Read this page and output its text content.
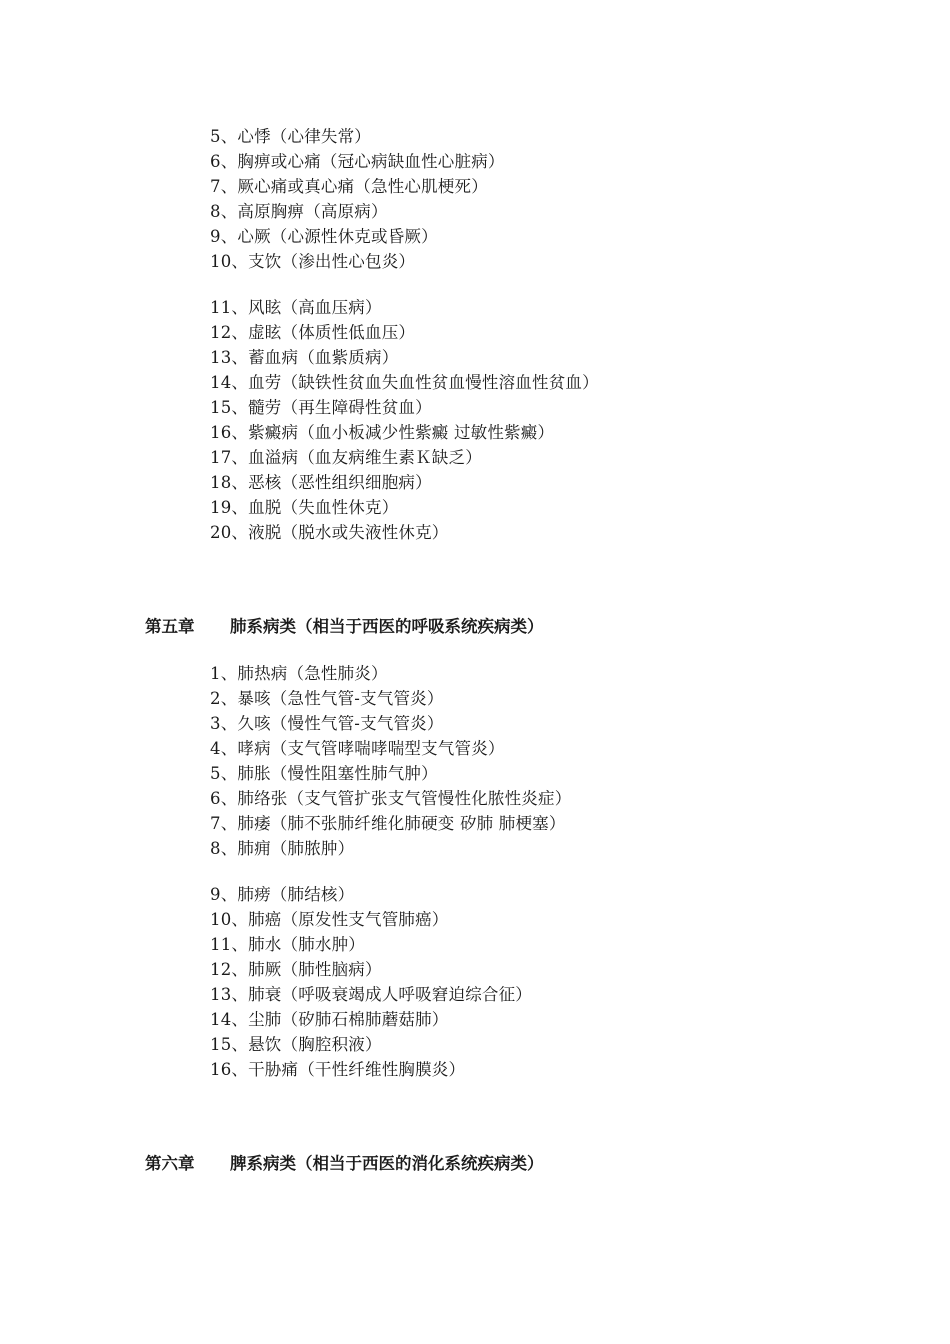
5、心悸（心律失常）
6、胸痹或心痛（冠心病缺血性心脏病）
7、厥心痛或真心痛（急性心肌梗死）
8、高原胸痹（高原病）
9、心厥（心源性休克或昏厥）
10、支饮（渗出性心包炎）
11、风眩（高血压病）
12、虚眩（体质性低血压）
13、蓄血病（血紫质病）
14、血劳（缺铁性贫血失血性贫血慢性溶血性贫血）
15、髓劳（再生障碍性贫血）
16、紫癜病（血小板减少性紫癜 过敏性紫癜）
17、血溢病（血友病维生素Ｋ缺乏）
18、恶核（恶性组织细胞病）
19、血脱（失血性休克）
20、液脱（脱水或失液性休克）
第五章 肺系病类（相当于西医的呼吸系统疾病类）
1、肺热病（急性肺炎）
2、暴咳（急性气管-支气管炎）
3、久咳（慢性气管-支气管炎）
4、哮病（支气管哮喘哮喘型支气管炎）
5、肺胀（慢性阻塞性肺气肿）
6、肺络张（支气管扩张支气管慢性化脓性炎症）
7、肺痿（肺不张肺纤维化肺硬变 矽肺 肺梗塞）
8、肺痈（肺脓肿）
9、肺痨（肺结核）
10、肺癌（原发性支气管肺癌）
11、肺水（肺水肿）
12、肺厥（肺性脑病）
13、肺衰（呼吸衰竭成人呼吸窘迫综合征）
14、尘肺（矽肺石棉肺蘑菇肺）
15、悬饮（胸腔积液）
16、干胁痛（干性纤维性胸膜炎）
第六章 脾系病类（相当于西医的消化系统疾病类）
